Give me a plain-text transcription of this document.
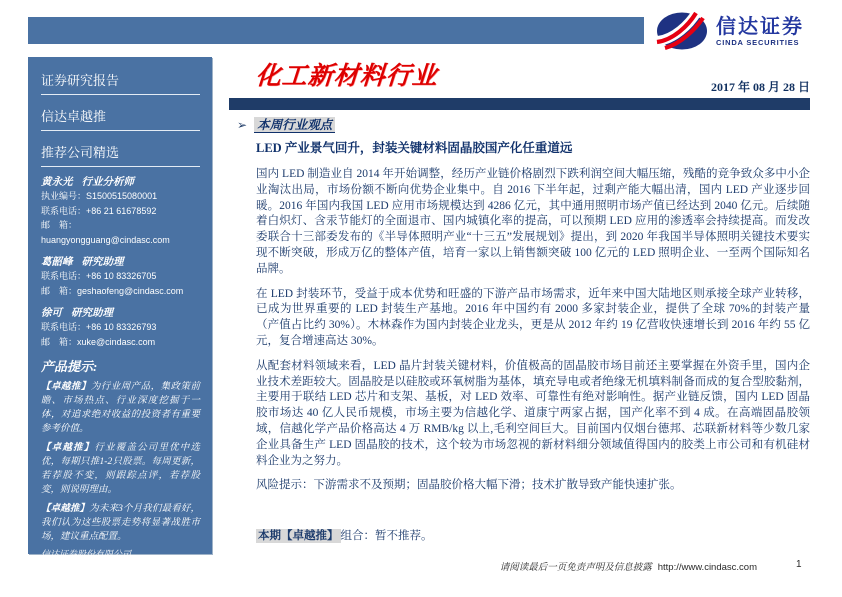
信达证券
CINDA SECURITIES
证券研究报告
信达卓越推
推荐公司精选
黄永光 行业分析师
执业编号：S1500515080001
联系电话：+86 21 61678592
邮　箱：huangyongguang@cindasc.com
葛韶峰 研究助理
联系电话：+86 10 83326705
邮　箱：geshaofeng@cindasc.com
徐可 研究助理
联系电话：+86 10 83326793
邮　箱：xuke@cindasc.com
产品提示:

【卓越推】为行业周产品，集政策前瞻、市场热点、行业深度挖掘于一体，对追求绝对收益的投资者有重要参考价值。

【卓越推】行业覆盖公司里优中选优，每期只推1-2只股票。每周更新，若荐股不变，则跟踪点评，若荐股变，则说明理由。

【卓越推】为未来3个月我们最看好，我们认为这些股票走势将显著战胜市场，建议重点配置。

信达证券股份有限公司
CINDA SECURITIES CO.,LTD
北京市西城区闹市口大街9号院1号楼
邮编：100031
化工新材料行业	2017 年 08 月 28 日
➢ 本周行业观点
LED 产业景气回升，封装关键材料固晶胶国产化任重道远

国内 LED 制造业自 2014 年开始调整，经历产业链价格剧烈下跌利润空间大幅压缩，残酷的竞争致众多中小企业淘汰出局，市场份额不断向优势企业集中。自 2016 下半年起，过剩产能大幅出清，国内 LED 产业逐步回暖。2016 年国内我国 LED 应用市场规模达到 4286 亿元，其中通用照明市场产值已经达到 2040 亿元。后续随着白炽灯、含汞节能灯的全面退市、国内城镇化率的提高，可以预期 LED 应用的渗透率会持续提高。而发改委联合十三部委发布的《半导体照明产业“十三五”发展规划》提出，到 2020 年我国半导体照明关键技术要实现不断突破，形成万亿的整体产值，培育一家以上销售额突破 100 亿元的 LED 照明企业、一至两个国际知名品牌。

在 LED 封装环节，受益于成本优势和旺盛的下游产品市场需求，近年来中国大陆地区则承接全球产业转移，已成为世界重要的 LED 封装生产基地。2016 年中国约有 2000 多家封装企业，提供了全球 70%的封装产量（产值占比约 30%）。木林森作为国内封装企业龙头，更是从 2012 年约 19 亿营收快速增长到 2016 年约 55 亿元，复合增速高达 30%。

从配套材料领域来看，LED 晶片封装关键材料，价值极高的固晶胶市场目前还主要掌握在外资手里，国内企业技术差距较大。固晶胶是以硅胶或环氧树脂为基体，填充导电或者绝缘无机填料制备而成的复合型胶黏剂，主要用于联结 LED 芯片和支架、基板，对 LED 效率、可靠性有绝对影响性。据产业链反馈，国内 LED 固晶胶市场达 40 亿人民币规模，市场主要为信越化学、道康宁两家占据，国产化率不到 4 成。在高端固晶胶领域，信越化学产品价格高达 4 万 RMB/kg 以上,毛利空间巨大。目前国内仅烟台德邦、芯联新材料等少数几家企业具备生产 LED 固晶胶的技术，这个较为市场忽视的新材料细分领域值得国内的胶类上市公司和有机硅材料企业为之努力。

风险提示：下游需求不及预期；固晶胶价格大幅下滑；技术扩散导致产能快速扩张。

本期【卓越推】 组合：暂不推荐。

请阅读最后一页免责声明及信息披露 http://www.cindasc.com	1
